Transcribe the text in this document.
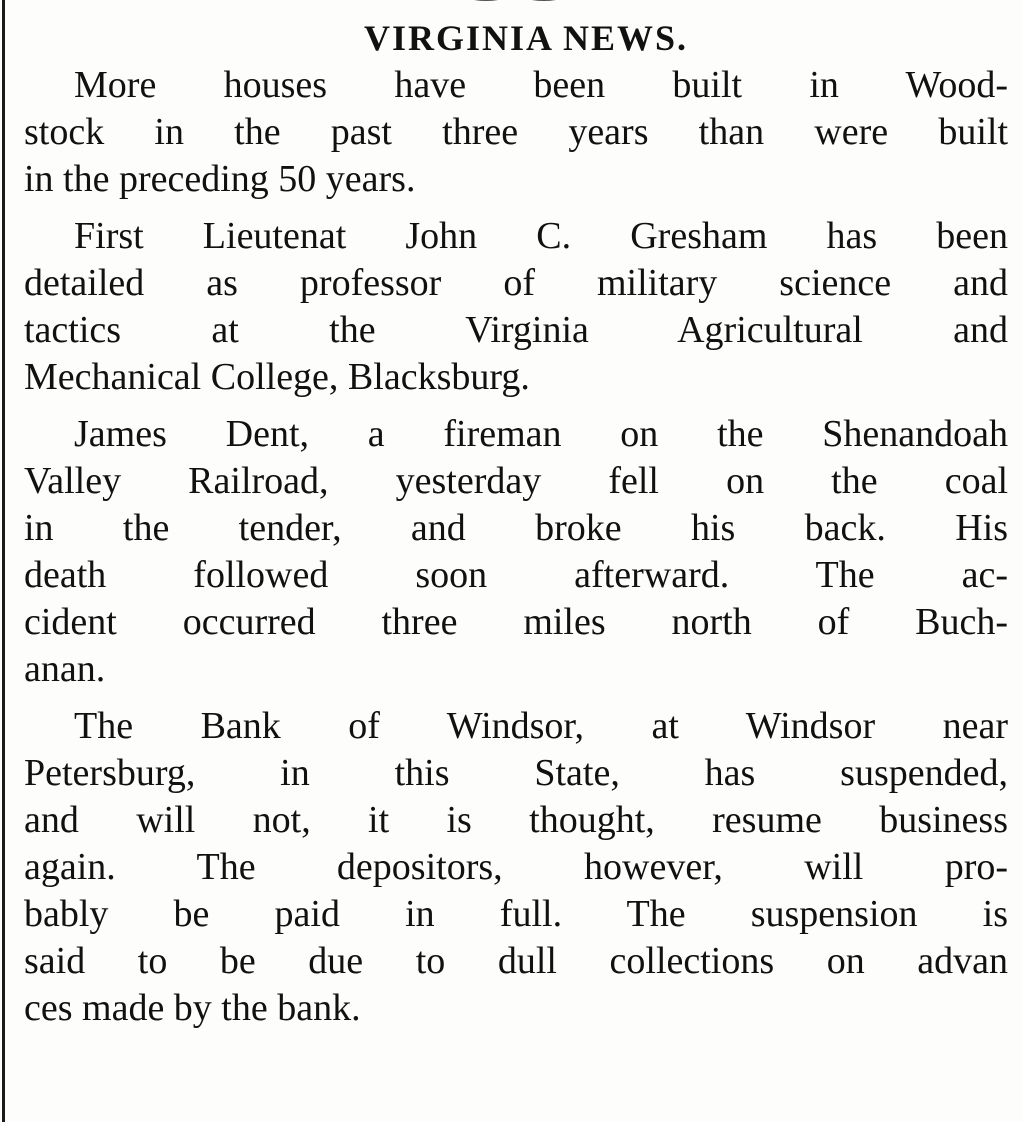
VIRGINIA NEWS.
More houses have been built in Wood-
stock in the past three years than were built
in the preceding 50 years.
First Lieutenat John C. Gresham has been
detailed as professor of military science and
tactics at the Virginia Agricultural and
Mechanical College, Blacksburg.
James Dent, a fireman on the Shenandoah
Valley Railroad, yesterday fell on the coal
in the tender, and broke his back. His
death followed soon afterward. The ac-
cident occurred three miles north of Buch-
anan.
The Bank of Windsor, at Windsor near
Petersburg, in this State, has suspended,
and will not, it is thought, resume business
again. The depositors, however, will pro-
bably be paid in full. The suspension is
said to be due to dull collections on advan
ces made by the bank.
